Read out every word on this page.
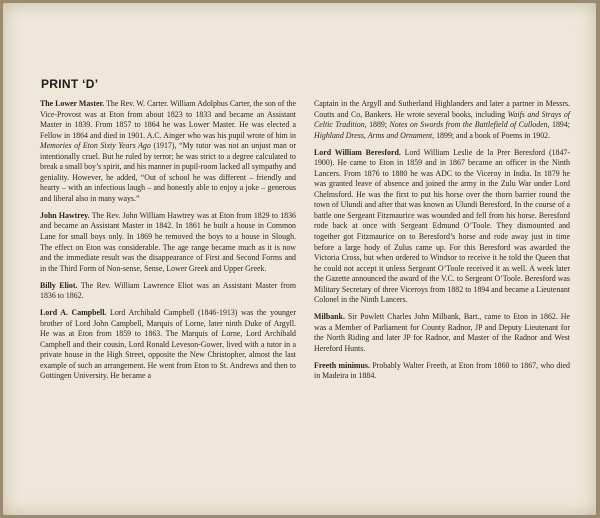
PRINT ‘D’

The Lower Master. The Rev. W. Carter. William Adolphus Carter, the son of the Vice-Provost was at Eton from about 1823 to 1833 and became an Assistant Master in 1839. From 1857 to 1864 he was Lower Master. He was elected a Fellow in 1864 and died in 1901. A.C. Ainger who was his pupil wrote of him in Memories of Eton Sixty Years Ago (1917), “My tutor was not an unjust man or intentionally cruel. But he ruled by terror; he was strict to a degree calculated to break a small boy’s spirit, and his manner in pupil-room lacked all sympathy and geniality. However, he added, “Out of school he was different – friendly and hearty – with an infectious laugh – and honestly able to enjoy a joke – generous and liberal also in many ways.”

John Hawtrey. The Rev. John William Hawtrey was at Eton from 1829 to 1836 and became an Assistant Master in 1842. In 1861 he built a house in Common Lane for small boys only. In 1869 he removed the boys to a house in Slough. The effect on Eton was considerable. The age range became much as it is now and the immediate result was the disappearance of First and Second Forms and in the Third Form of Non-sense, Sense, Lower Greek and Upper Greek.

Billy Eliot. The Rev. William Lawrence Eliot was an Assistant Master from 1836 to 1862.

Lord A. Campbell. Lord Archibald Campbell (1846-1913) was the younger brother of Lord John Campbell, Marquis of Lorne, later ninth Duke of Argyll. He was at Eton from 1859 to 1863. The Marquis of Lorne, Lord Archibald Campbell and their cousin, Lord Ronald Leveson-Gower, lived with a tutor in a private house in the High Street, opposite the New Christopher, almost the last example of such an arrangement. He went from Eton to St. Andrews and then to Gottingen University. He became a

Captain in the Argyll and Sutherland Highlanders and later a partner in Messrs. Coutts and Co, Bankers. He wrote several books, including Waifs and Strays of Celtic Tradition, 1889; Notes on Swords from the Battlefield of Culloden, 1894; Highland Dress, Arms and Ornament, 1899; and a book of Poems in 1902.

Lord William Beresford. Lord William Leslie de la Prer Beresford (1847-1900). He came to Eton in 1859 and in 1867 became an officer in the Ninth Lancers. From 1876 to 1880 he was ADC to the Viceroy in India. In 1879 he was granted leave of absence and joined the army in the Zulu War under Lord Chelmsford. He was the first to put his horse over the thorn barrier round the town of Ulundi and after that was known as Ulundi Beresford. In the course of a battle one Sergeant Fitzmaurice was wounded and fell from his horse. Beresford rode back at once with Sergeant Edmund O’Toole. They dismounted and together got Fitzmaurice on to Beresford’s horse and rode away just in time before a large body of Zulus came up. For this Beresford was awarded the Victoria Cross, but when ordered to Windsor to receive it he told the Queen that he could not accept it unless Sergeant O’Toole received it as well. A week later the Gazette announced the award of the V.C. to Sergeant O’Toole. Beresford was Military Secretary of three Viceroys from 1882 to 1894 and became a Lieutenant Colonel in the Ninth Lancers.

Milbank. Sir Powlett Charles John Milbank, Bart., came to Eton in 1862. He was a Member of Parliament for County Radnor, JP and Deputy Lieutenant for the North Riding and later JP for Radnor, and Master of the Radnor and West Hereford Hunts.

Freeth minimus. Probably Walter Freeth, at Eton from 1860 to 1867, who died in Madeira in 1884.
